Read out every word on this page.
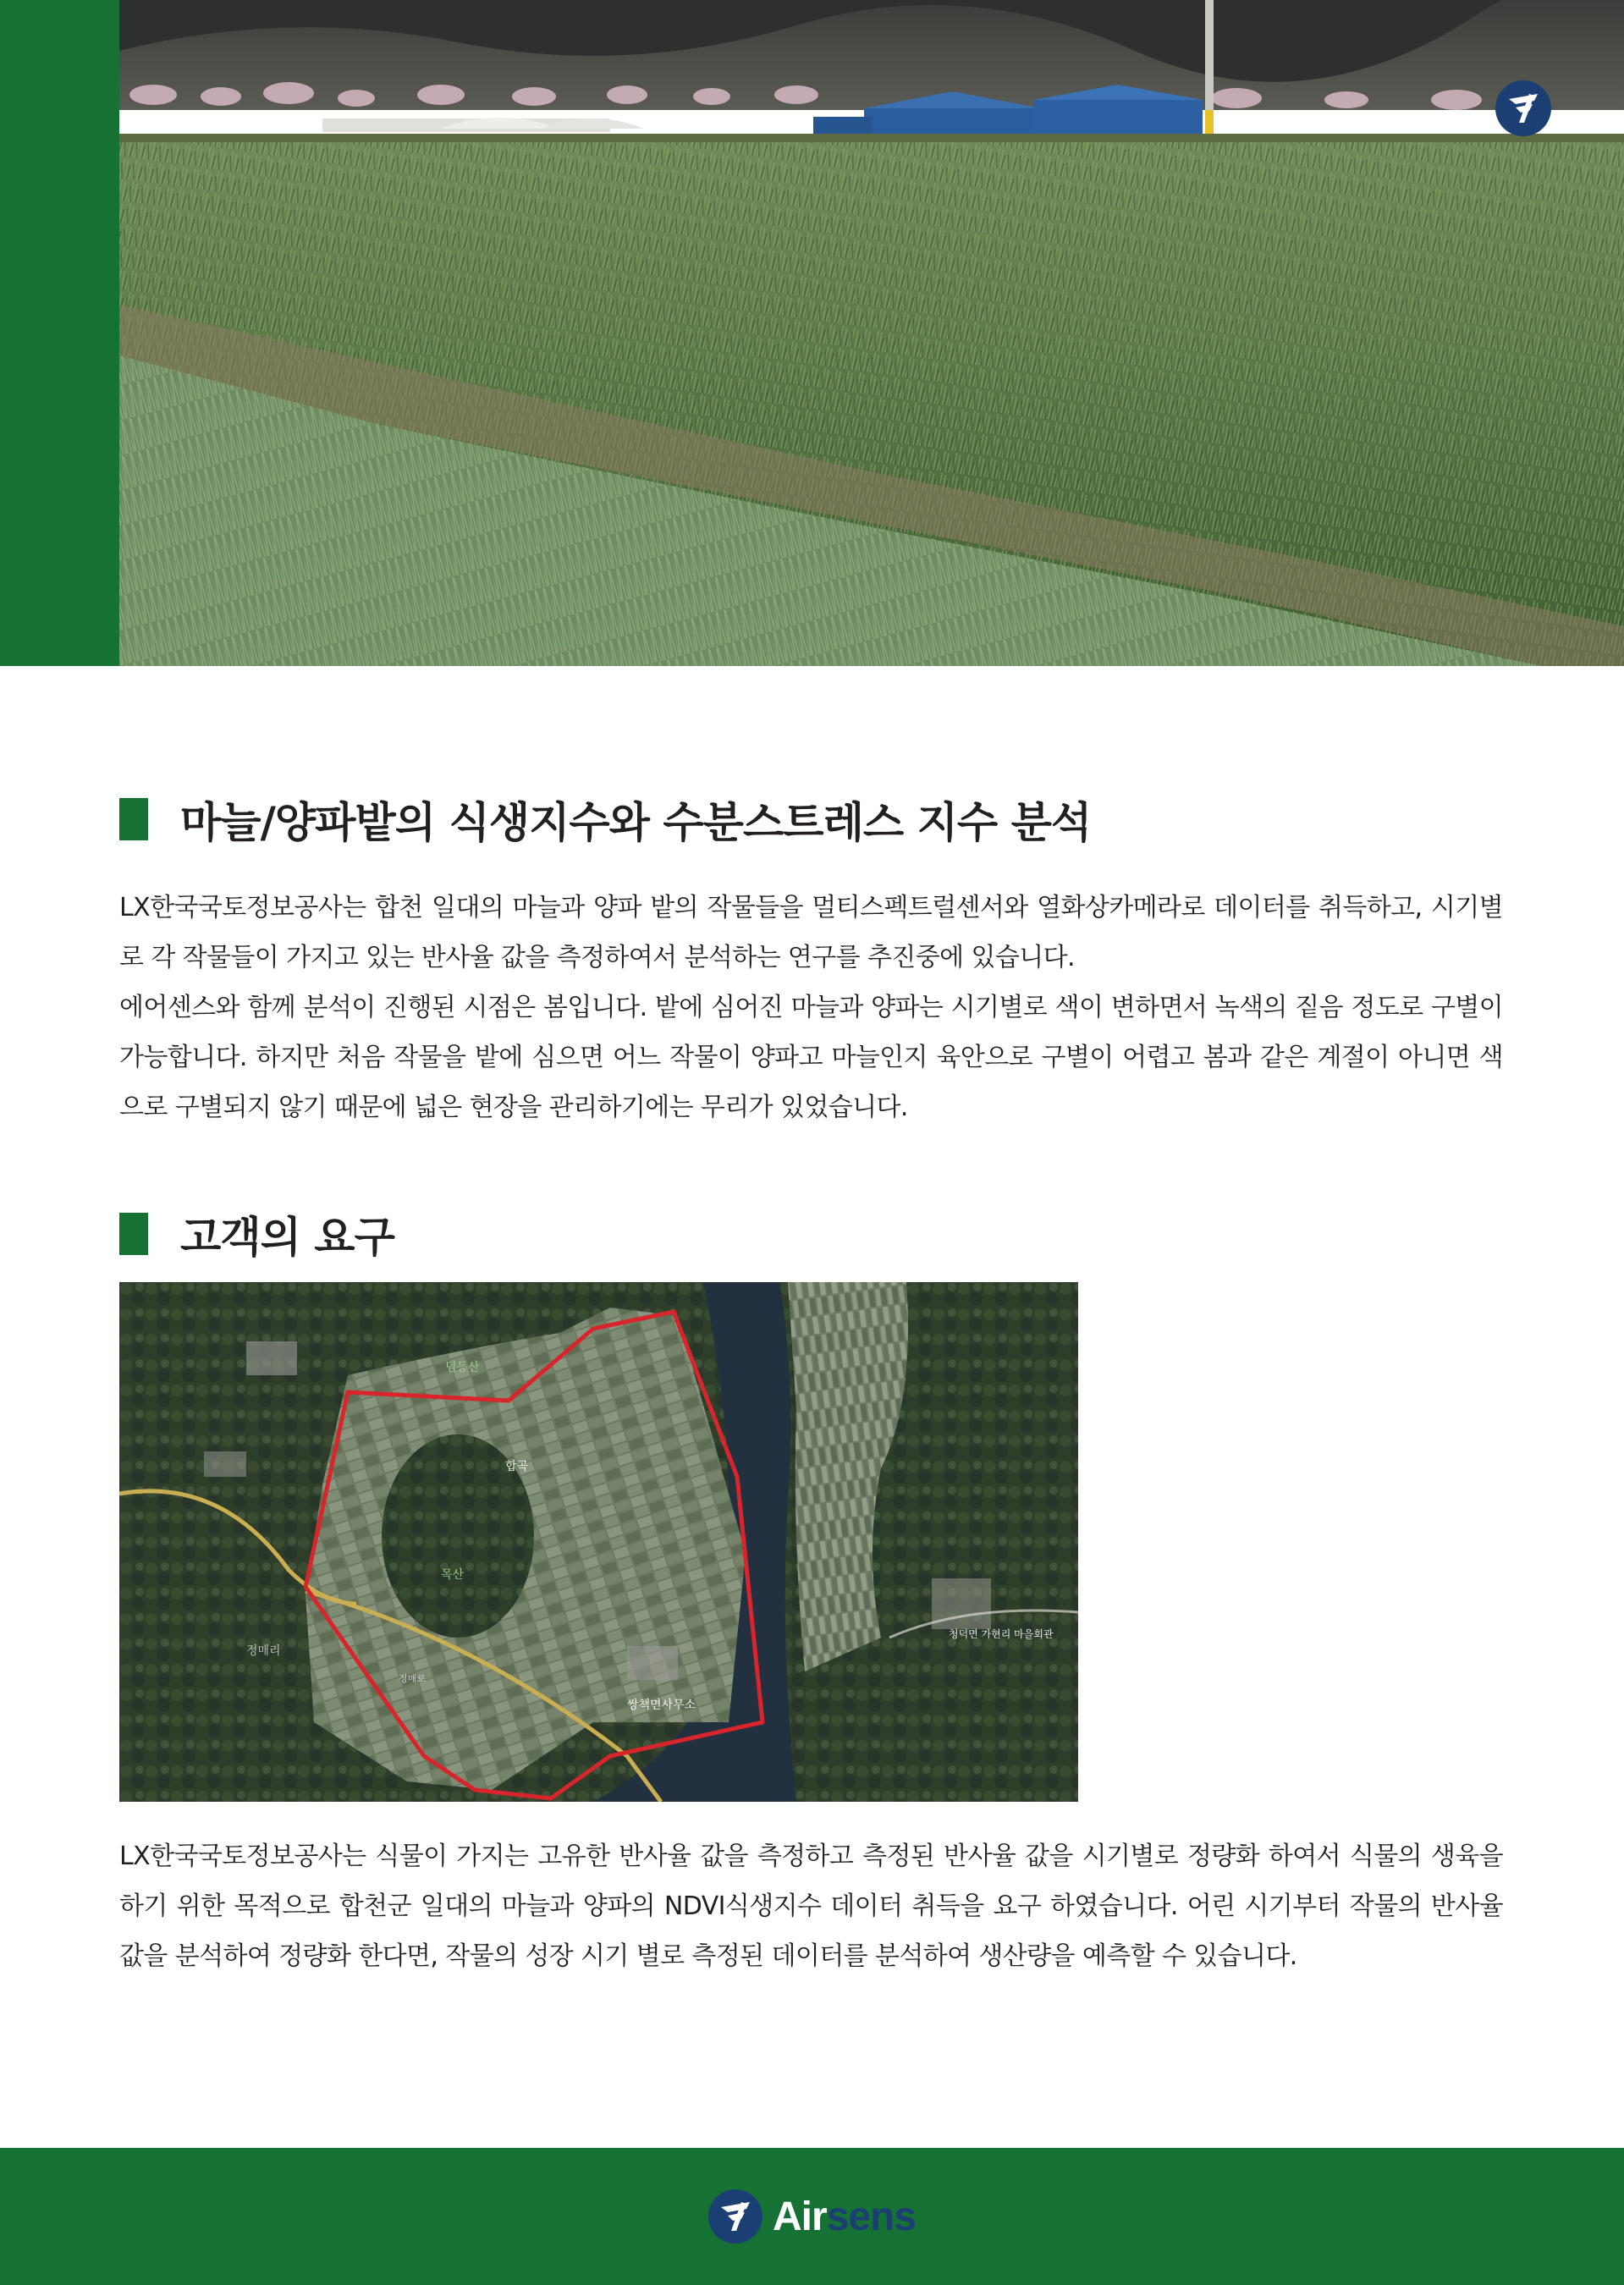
마늘/양파밭의 식생지수와 수분스트레스 지수 분석

LX한국국토정보공사는 합천 일대의 마늘과 양파 밭의 작물들을 멀티스펙트럴센서와 열화상카메라로 데이터를 취득하고, 시기별로 각 작물들이 가지고 있는 반사율 값을 측정하여서 분석하는 연구를 추진중에 있습니다.

에어센스와 함께 분석이 진행된 시점은 봄입니다. 밭에 심어진 마늘과 양파는 시기별로 색이 변하면서 녹색의 짙음 정도로 구별이 가능합니다. 하지만 처음 작물을 밭에 심으면 어느 작물이 양파고 마늘인지 육안으로 구별이 어렵고 봄과 같은 계절이 아니면 색으로 구별되지 않기 때문에 넓은 현장을 관리하기에는 무리가 있었습니다.

고객의 요구
덤등산
합곡
목산
쌍책면사무소
청덕면 가현리 마을회관
정매리
정매로

LX한국국토정보공사는 식물이 가지는 고유한 반사율 값을 측정하고 측정된 반사율 값을 시기별로 정량화 하여서 식물의 생육을 하기 위한 목적으로 합천군 일대의 마늘과 양파의 NDVI식생지수 데이터 취득을 요구 하였습니다. 어린 시기부터 작물의 반사율 값을 분석하여 정량화 한다면, 작물의 성장 시기 별로 측정된 데이터를 분석하여 생산량을 예측할 수 있습니다.

Airsens
